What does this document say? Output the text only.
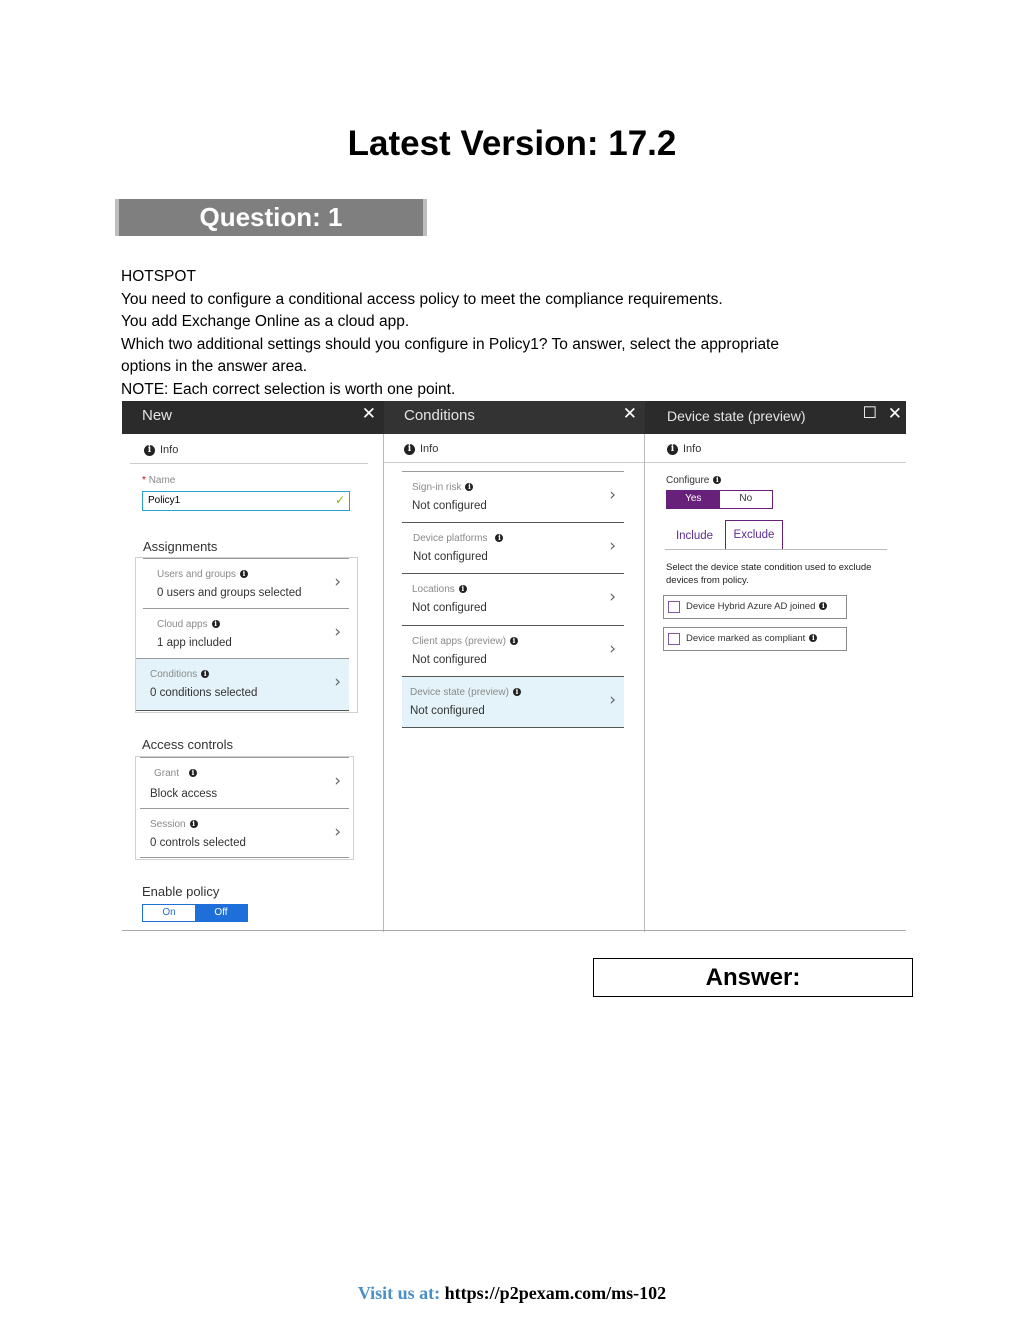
Latest Version: 17.2
Question: 1
HOTSPOT
You need to configure a conditional access policy to meet the compliance requirements.
You add Exchange Online as a cloud app.
Which two additional settings should you configure in Policy1? To answer, select the appropriate
options in the answer area.
NOTE: Each correct selection is worth one point.
New	✕
i Info
* Name
Policy1	✓
Assignments
Users and groups i
0 users and groups selected
›
Cloud apps i
1 app included
›
Conditions i
0 conditions selected
›
Access controls
Grant i
Block access
›
Session i
0 controls selected
›
Enable policy
On	Off
Conditions	✕
i Info
Sign-in risk i
Not configured
›
Device platforms i
Not configured
›
Locations i
Not configured
›
Client apps (preview) i
Not configured
›
Device state (preview) i
Not configured
›
Device state (preview)	☐ ✕
i Info
Configure i
Yes	No
Include	Exclude
Select the device state condition used to exclude devices from policy.
Device Hybrid Azure AD joined i
Device marked as compliant i
Answer:
Visit us at: https://p2pexam.com/ms-102
